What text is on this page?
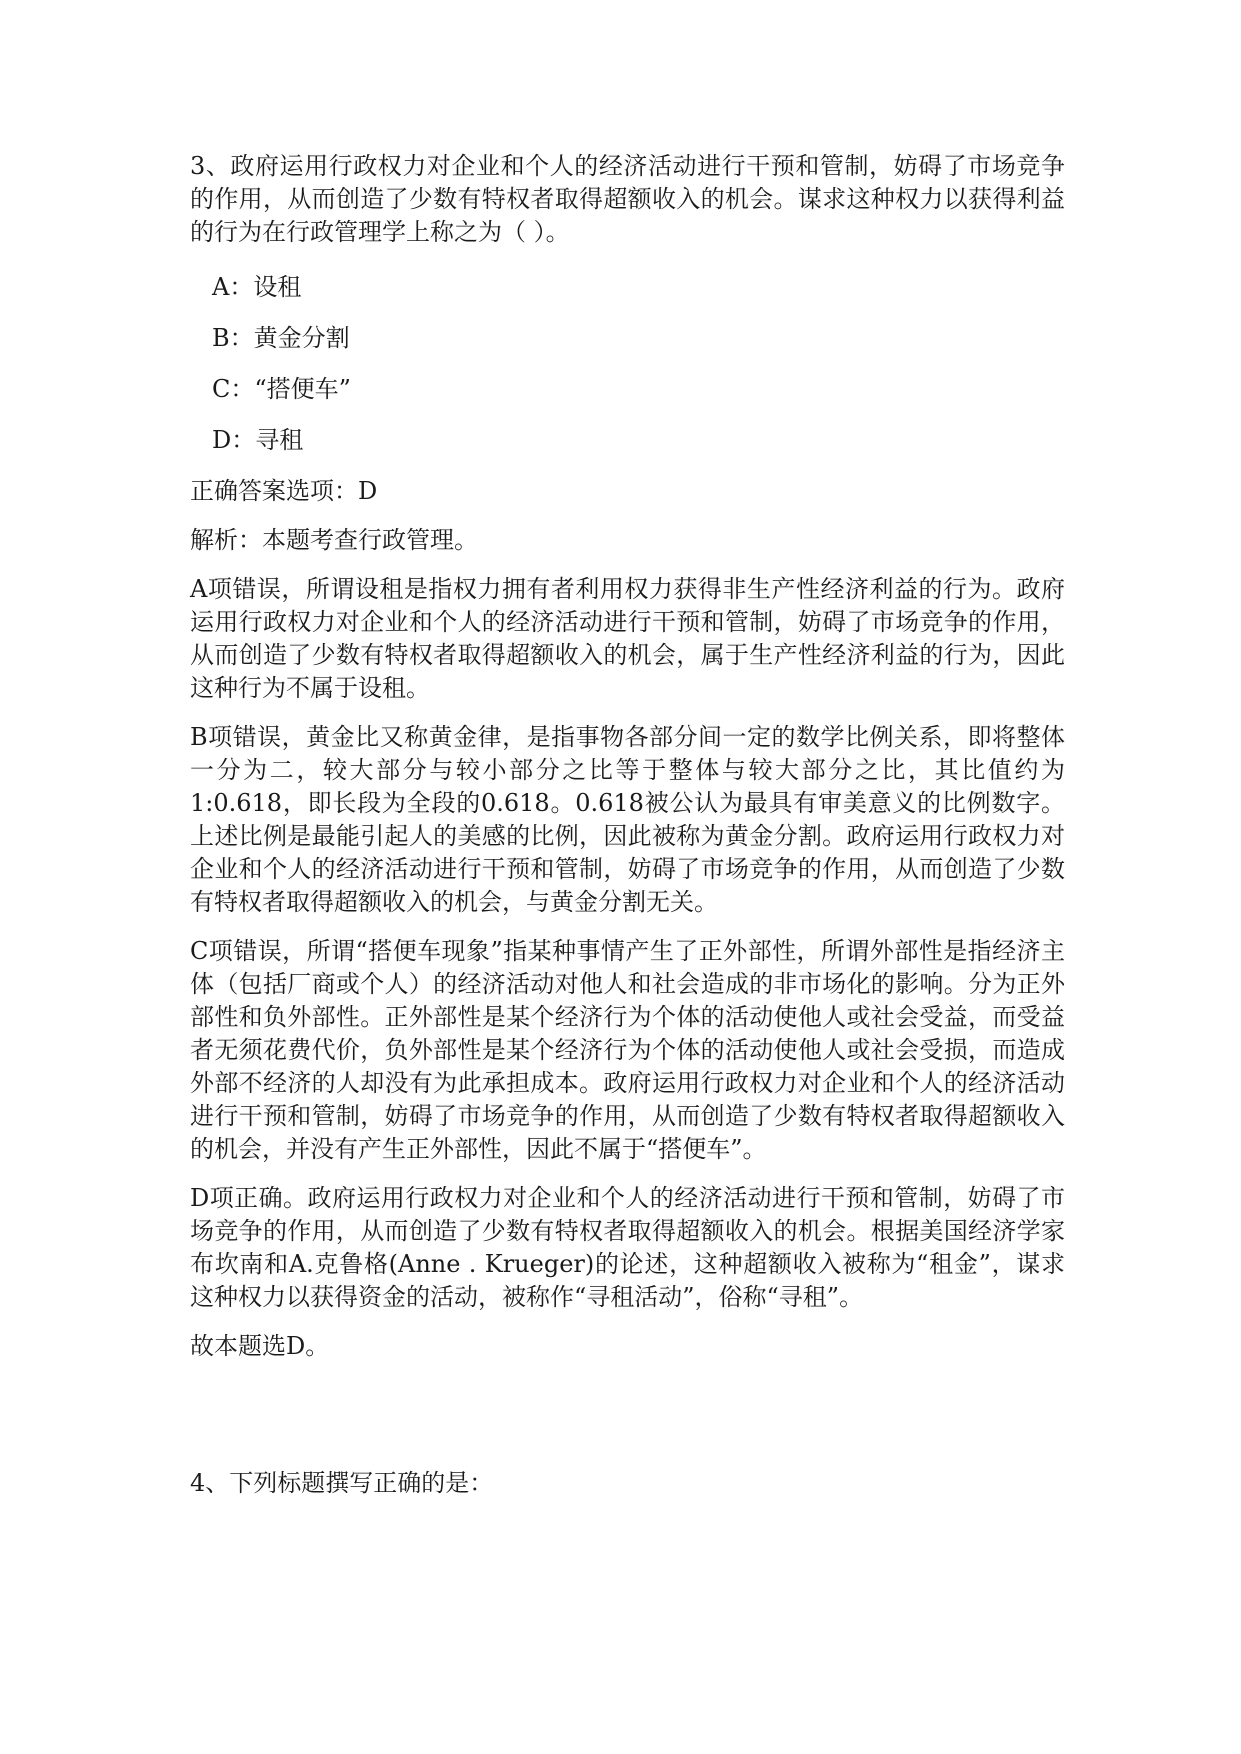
3、政府运用行政权力对企业和个人的经济活动进行干预和管制，妨碍了市场竞争的作用，从而创造了少数有特权者取得超额收入的机会。谋求这种权力以获得利益的行为在行政管理学上称之为（ ）。

A：设租
B：黄金分割
C：“搭便车”
D：寻租

正确答案选项：D

解析：本题考查行政管理。

A项错误，所谓设租是指权力拥有者利用权力获得非生产性经济利益的行为。政府运用行政权力对企业和个人的经济活动进行干预和管制，妨碍了市场竞争的作用，从而创造了少数有特权者取得超额收入的机会，属于生产性经济利益的行为，因此这种行为不属于设租。

B项错误，黄金比又称黄金律，是指事物各部分间一定的数学比例关系，即将整体一分为二，较大部分与较小部分之比等于整体与较大部分之比，其比值约为1:0.618，即长段为全段的0.618。0.618被公认为最具有审美意义的比例数字。上述比例是最能引起人的美感的比例，因此被称为黄金分割。政府运用行政权力对企业和个人的经济活动进行干预和管制，妨碍了市场竞争的作用，从而创造了少数有特权者取得超额收入的机会，与黄金分割无关。

C项错误，所谓“搭便车现象”指某种事情产生了正外部性，所谓外部性是指经济主体（包括厂商或个人）的经济活动对他人和社会造成的非市场化的影响。分为正外部性和负外部性。正外部性是某个经济行为个体的活动使他人或社会受益，而受益者无须花费代价，负外部性是某个经济行为个体的活动使他人或社会受损，而造成外部不经济的人却没有为此承担成本。政府运用行政权力对企业和个人的经济活动进行干预和管制，妨碍了市场竞争的作用，从而创造了少数有特权者取得超额收入的机会，并没有产生正外部性，因此不属于“搭便车”。

D项正确。政府运用行政权力对企业和个人的经济活动进行干预和管制，妨碍了市场竞争的作用，从而创造了少数有特权者取得超额收入的机会。根据美国经济学家布坎南和A.克鲁格(Anne . Krueger)的论述，这种超额收入被称为“租金”，谋求这种权力以获得资金的活动，被称作“寻租活动”，俗称“寻租”。

故本题选D。

4、下列标题撰写正确的是：
